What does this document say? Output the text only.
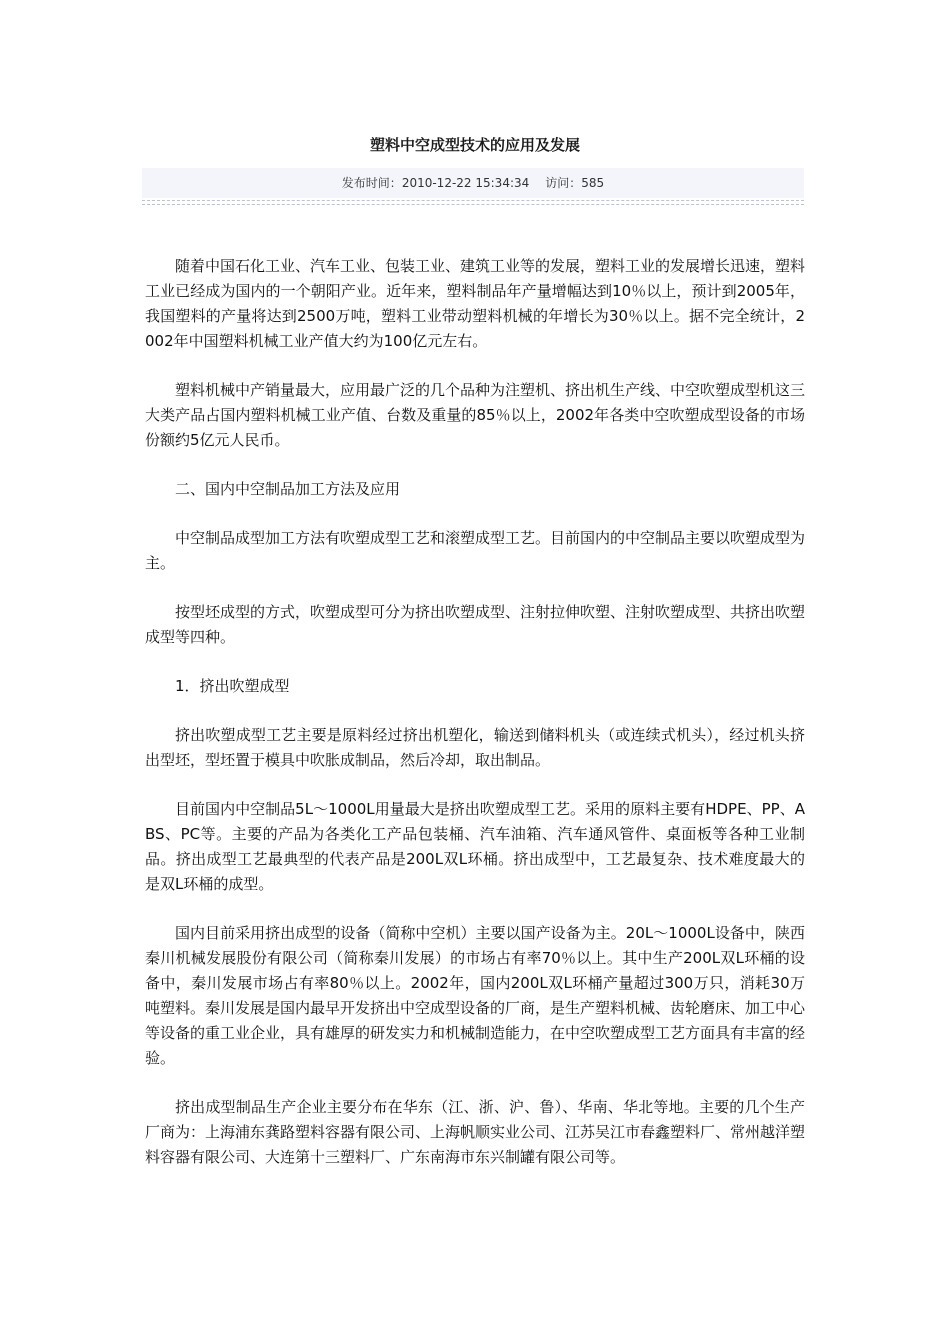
塑料中空成型技术的应用及发展
发布时间：2010-12-22 15:34:34 访问：585

随着中国石化工业、汽车工业、包装工业、建筑工业等的发展，塑料工业的发展增长迅速，塑料工业已经成为国内的一个朝阳产业。近年来，塑料制品年产量增幅达到10％以上，预计到2005年，我国塑料的产量将达到2500万吨，塑料工业带动塑料机械的年增长为30％以上。据不完全统计，2002年中国塑料机械工业产值大约为100亿元左右。

塑料机械中产销量最大，应用最广泛的几个品种为注塑机、挤出机生产线、中空吹塑成型机这三大类产品占国内塑料机械工业产值、台数及重量的85％以上，2002年各类中空吹塑成型设备的市场份额约5亿元人民币。

二、国内中空制品加工方法及应用

中空制品成型加工方法有吹塑成型工艺和滚塑成型工艺。目前国内的中空制品主要以吹塑成型为主。

按型坯成型的方式，吹塑成型可分为挤出吹塑成型、注射拉伸吹塑、注射吹塑成型、共挤出吹塑成型等四种。

1．挤出吹塑成型

挤出吹塑成型工艺主要是原料经过挤出机塑化，输送到储料机头（或连续式机头），经过机头挤出型坯，型坯置于模具中吹胀成制品，然后冷却，取出制品。

目前国内中空制品5L～1000L用量最大是挤出吹塑成型工艺。采用的原料主要有HDPE、PP、ABS、PC等。主要的产品为各类化工产品包装桶、汽车油箱、汽车通风管件、桌面板等各种工业制品。挤出成型工艺最典型的代表产品是200L双L环桶。挤出成型中，工艺最复杂、技术难度最大的是双L环桶的成型。

国内目前采用挤出成型的设备（简称中空机）主要以国产设备为主。20L～1000L设备中，陕西秦川机械发展股份有限公司（简称秦川发展）的市场占有率70％以上。其中生产200L双L环桶的设备中，秦川发展市场占有率80％以上。2002年，国内200L双L环桶产量超过300万只，消耗30万吨塑料。秦川发展是国内最早开发挤出中空成型设备的厂商，是生产塑料机械、齿轮磨床、加工中心等设备的重工业企业，具有雄厚的研发实力和机械制造能力，在中空吹塑成型工艺方面具有丰富的经验。

挤出成型制品生产企业主要分布在华东（江、浙、沪、鲁）、华南、华北等地。主要的几个生产厂商为：上海浦东龚路塑料容器有限公司、上海帆顺实业公司、江苏吴江市春鑫塑料厂、常州越洋塑料容器有限公司、大连第十三塑料厂、广东南海市东兴制罐有限公司等。
